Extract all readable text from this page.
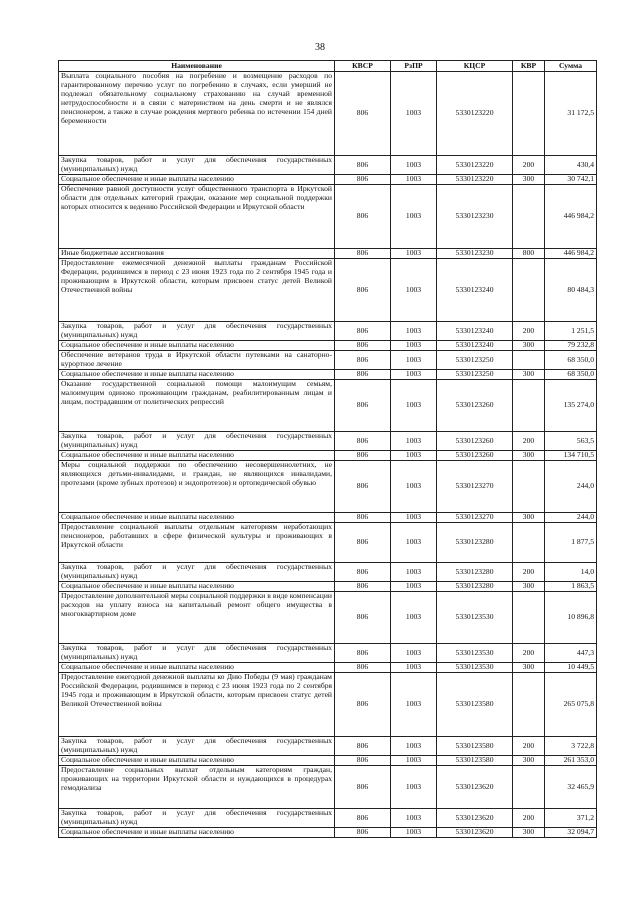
38
Наименование	КВСР	РзПР	КЦСР	КВР	Сумма
Выплата социального пособия на погребение и возмещение расходов по гарантированному перечню услуг по погребению в случаях, если умерший не подлежал обязательному социальному страхованию на случай временной нетрудоспособности и в связи с материнством на день смерти и не являлся пенсионером, а также в случае рождения мертвого ребенка по истечении 154 дней беременности	806	1003	5330123220		31 172,5
Закупка товаров, работ и услуг для обеспечения государственных (муниципальных) нужд	806	1003	5330123220	200	430,4
Социальное обеспечение и иные выплаты населению	806	1003	5330123220	300	30 742,1
Обеспечение равной доступности услуг общественного транспорта в Иркутской области для отдельных категорий граждан, оказание мер социальной поддержки которых относится к ведению Российской Федерации и Иркутской области	806	1003	5330123230		446 984,2
Иные бюджетные ассигнования	806	1003	5330123230	800	446 984,2
Предоставление ежемесячной денежной выплаты гражданам Российской Федерации, родившимся в период с 23 июня 1923 года по 2 сентября 1945 года и проживающим в Иркутской области, которым присвоен статус детей Великой Отечественной войны	806	1003	5330123240		80 484,3
Закупка товаров, работ и услуг для обеспечения государственных (муниципальных) нужд	806	1003	5330123240	200	1 251,5
Социальное обеспечение и иные выплаты населению	806	1003	5330123240	300	79 232,8
Обеспечение ветеранов труда в Иркутской области путевками на санаторно-курортное лечение	806	1003	5330123250		68 350,0
Социальное обеспечение и иные выплаты населению	806	1003	5330123250	300	68 350,0
Оказание государственной социальной помощи малоимущим семьям, малоимущим одиноко проживающим гражданам, реабилитированным лицам и лицам, пострадавшим от политических репрессий	806	1003	5330123260		135 274,0
Закупка товаров, работ и услуг для обеспечения государственных (муниципальных) нужд	806	1003	5330123260	200	563,5
Социальное обеспечение и иные выплаты населению	806	1003	5330123260	300	134 710,5
Меры социальной поддержки по обеспечению несовершеннолетних, не являющихся детьми-инвалидами, и граждан, не являющихся инвалидами, протезами (кроме зубных протезов) и эндопротезов) и ортопедической обувью	806	1003	5330123270		244,0
Социальное обеспечение и иные выплаты населению	806	1003	5330123270	300	244,0
Предоставление социальной выплаты отдельным категориям неработающих пенсионеров, работавших в сфере физической культуры и проживающих в Иркутской области	806	1003	5330123280		1 877,5
Закупка товаров, работ и услуг для обеспечения государственных (муниципальных) нужд	806	1003	5330123280	200	14,0
Социальное обеспечение и иные выплаты населению	806	1003	5330123280	300	1 863,5
Предоставление дополнительной меры социальной поддержки в виде компенсации расходов на уплату взноса на капитальный ремонт общего имущества в многоквартирном доме	806	1003	5330123530		10 896,8
Закупка товаров, работ и услуг для обеспечения государственных (муниципальных) нужд	806	1003	5330123530	200	447,3
Социальное обеспечение и иные выплаты населению	806	1003	5330123530	300	10 449,5
Предоставление ежегодной денежной выплаты ко Дню Победы (9 мая) гражданам Российской Федерации, родившимся в период с 23 июня 1923 года по 2 сентября 1945 года и проживающим в Иркутской области, которым присвоен статус детей Великой Отечественной войны	806	1003	5330123580		265 075,8
Закупка товаров, работ и услуг для обеспечения государственных (муниципальных) нужд	806	1003	5330123580	200	3 722,8
Социальное обеспечение и иные выплаты населению	806	1003	5330123580	300	261 353,0
Предоставление социальных выплат отдельным категориям граждан, проживающих на территории Иркутской области и нуждающихся в процедурах гемодиализа	806	1003	5330123620		32 465,9
Закупка товаров, работ и услуг для обеспечения государственных (муниципальных) нужд	806	1003	5330123620	200	371,2
Социальное обеспечение и иные выплаты населению	806	1003	5330123620	300	32 094,7
